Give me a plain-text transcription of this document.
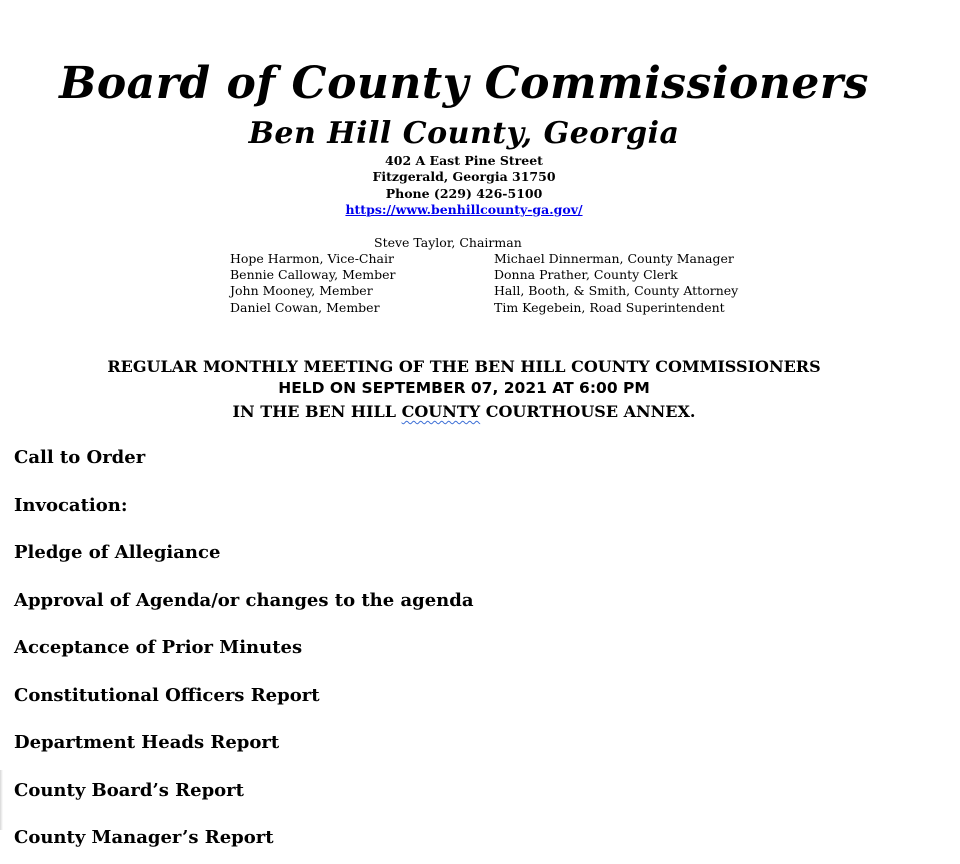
Board of County Commissioners
Ben Hill County, Georgia
402 A East Pine Street
Fitzgerald, Georgia 31750
Phone (229) 426-5100
https://www.benhillcounty-ga.gov/
Steve Taylor, Chairman
Hope Harmon, Vice-Chair
Bennie Calloway, Member
John Mooney, Member
Daniel Cowan, Member
Michael Dinnerman, County Manager
Donna Prather, County Clerk
Hall, Booth, & Smith, County Attorney
Tim Kegebein, Road Superintendent
REGULAR MONTHLY MEETING OF THE BEN HILL COUNTY COMMISSIONERS
HELD ON SEPTEMBER 07, 2021 AT 6:00 PM
IN THE BEN HILL COUNTY COURTHOUSE ANNEX.
Call to Order
Invocation:
Pledge of Allegiance
Approval of Agenda/or changes to the agenda
Acceptance of Prior Minutes
Constitutional Officers Report
Department Heads Report
County Board’s Report
County Manager’s Report
